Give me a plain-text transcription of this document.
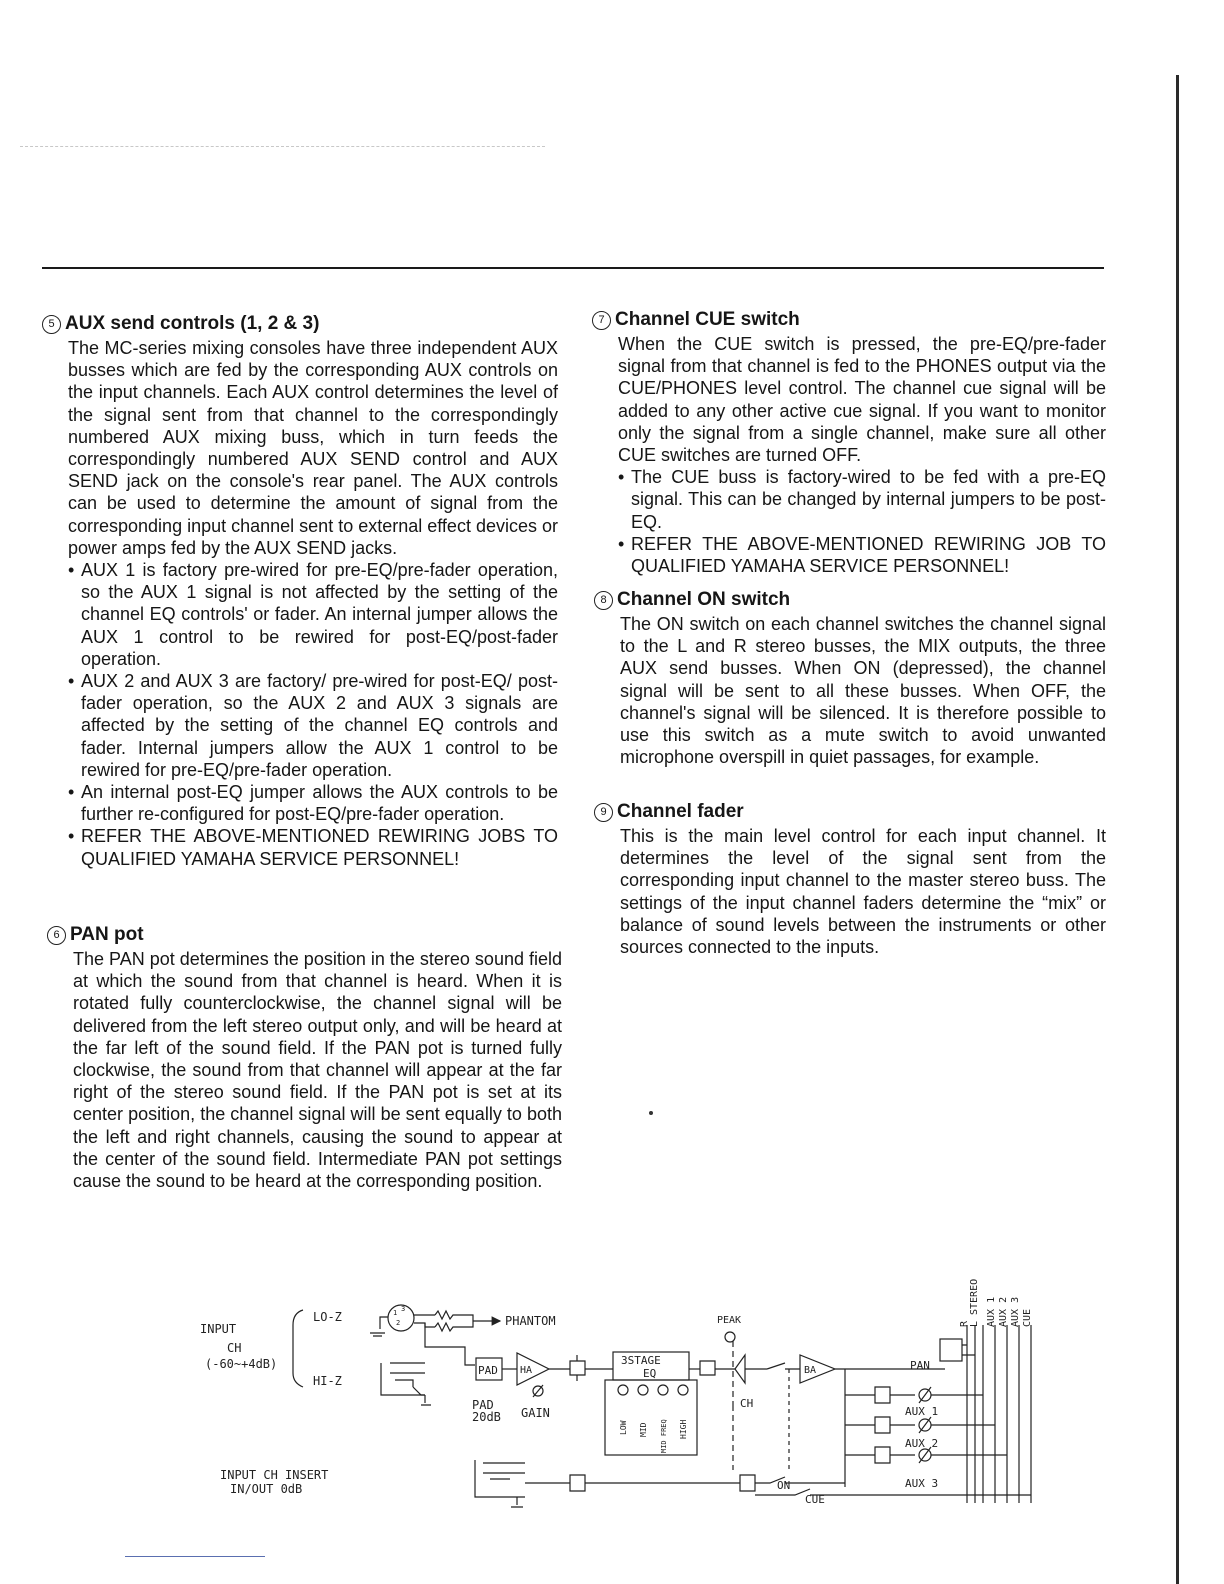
5 AUX send controls (1, 2 & 3)

The MC-series mixing consoles have three independent AUX busses which are fed by the corresponding AUX controls on the input channels. Each AUX control determines the level of the signal sent from that channel to the correspondingly numbered AUX mixing buss, which in turn feeds the correspondingly numbered AUX SEND control and AUX SEND jack on the console's rear panel. The AUX controls can be used to determine the amount of signal from the corresponding input channel sent to external effect devices or power amps fed by the AUX SEND jacks.

• AUX 1 is factory pre-wired for pre-EQ/pre-fader operation, so the AUX 1 signal is not affected by the setting of the channel EQ controls' or fader. An internal jumper allows the AUX 1 control to be rewired for post-EQ/post-fader operation.
• AUX 2 and AUX 3 are factory/ pre-wired for post-EQ/ post-fader operation, so the AUX 2 and AUX 3 signals are affected by the setting of the channel EQ controls and fader. Internal jumpers allow the AUX 1 control to be rewired for pre-EQ/pre-fader operation.
• An internal post-EQ jumper allows the AUX controls to be further re-configured for post-EQ/pre-fader operation.
• REFER THE ABOVE-MENTIONED REWIRING JOBS TO QUALIFIED YAMAHA SERVICE PERSONNEL!
6 PAN pot

The PAN pot determines the position in the stereo sound field at which the sound from that channel is heard. When it is rotated fully counterclockwise, the channel signal will be delivered from the left stereo output only, and will be heard at the far left of the sound field. If the PAN pot is turned fully clockwise, the sound from that channel will appear at the far right of the stereo sound field. If the PAN pot is set at its center position, the channel signal will be sent equally to both the left and right channels, causing the sound to appear at the center of the sound field. Intermediate PAN pot settings cause the sound to be heard at the corresponding position.

7 Channel CUE switch

When the CUE switch is pressed, the pre-EQ/pre-fader signal from that channel is fed to the PHONES output via the CUE/PHONES level control. The channel cue signal will be added to any other active cue signal. If you want to monitor only the signal from a single channel, make sure all other CUE switches are turned OFF.

• The CUE buss is factory-wired to be fed with a pre-EQ signal. This can be changed by internal jumpers to be post-EQ.
• REFER THE ABOVE-MENTIONED REWIRING JOB TO QUALIFIED YAMAHA SERVICE PERSONNEL!
8 Channel ON switch

The ON switch on each channel switches the channel signal to the L and R stereo busses, the MIX outputs, the three AUX send busses. When ON (depressed), the channel signal will be sent to all these busses. When OFF, the channel's signal will be silenced. It is therefore possible to use this switch as a mute switch to avoid unwanted microphone overspill in quiet passages, for example.

9 Channel fader

This is the main level control for each input channel. It determines the level of the signal sent from the corresponding input channel to the master stereo buss. The settings of the input channel faders determine the “mix” or balance of sound levels between the instruments or other sources connected to the inputs.

INPUT
CH
(-60~+4dB)
LO-Z
HI-Z
1 3
2	PHANTOM
PAD HA
PAD
20dB GAIN
3STAGE
EQ
LOW MID MID FREQ HIGH
PEAK
CH
BA	PAN
AUX 1
AUX 2
AUX 3
STEREO
L
R AUX 1 AUX 2 AUX 3 CUE
INPUT CH INSERT
IN/OUT 0dB	ON
CUE
